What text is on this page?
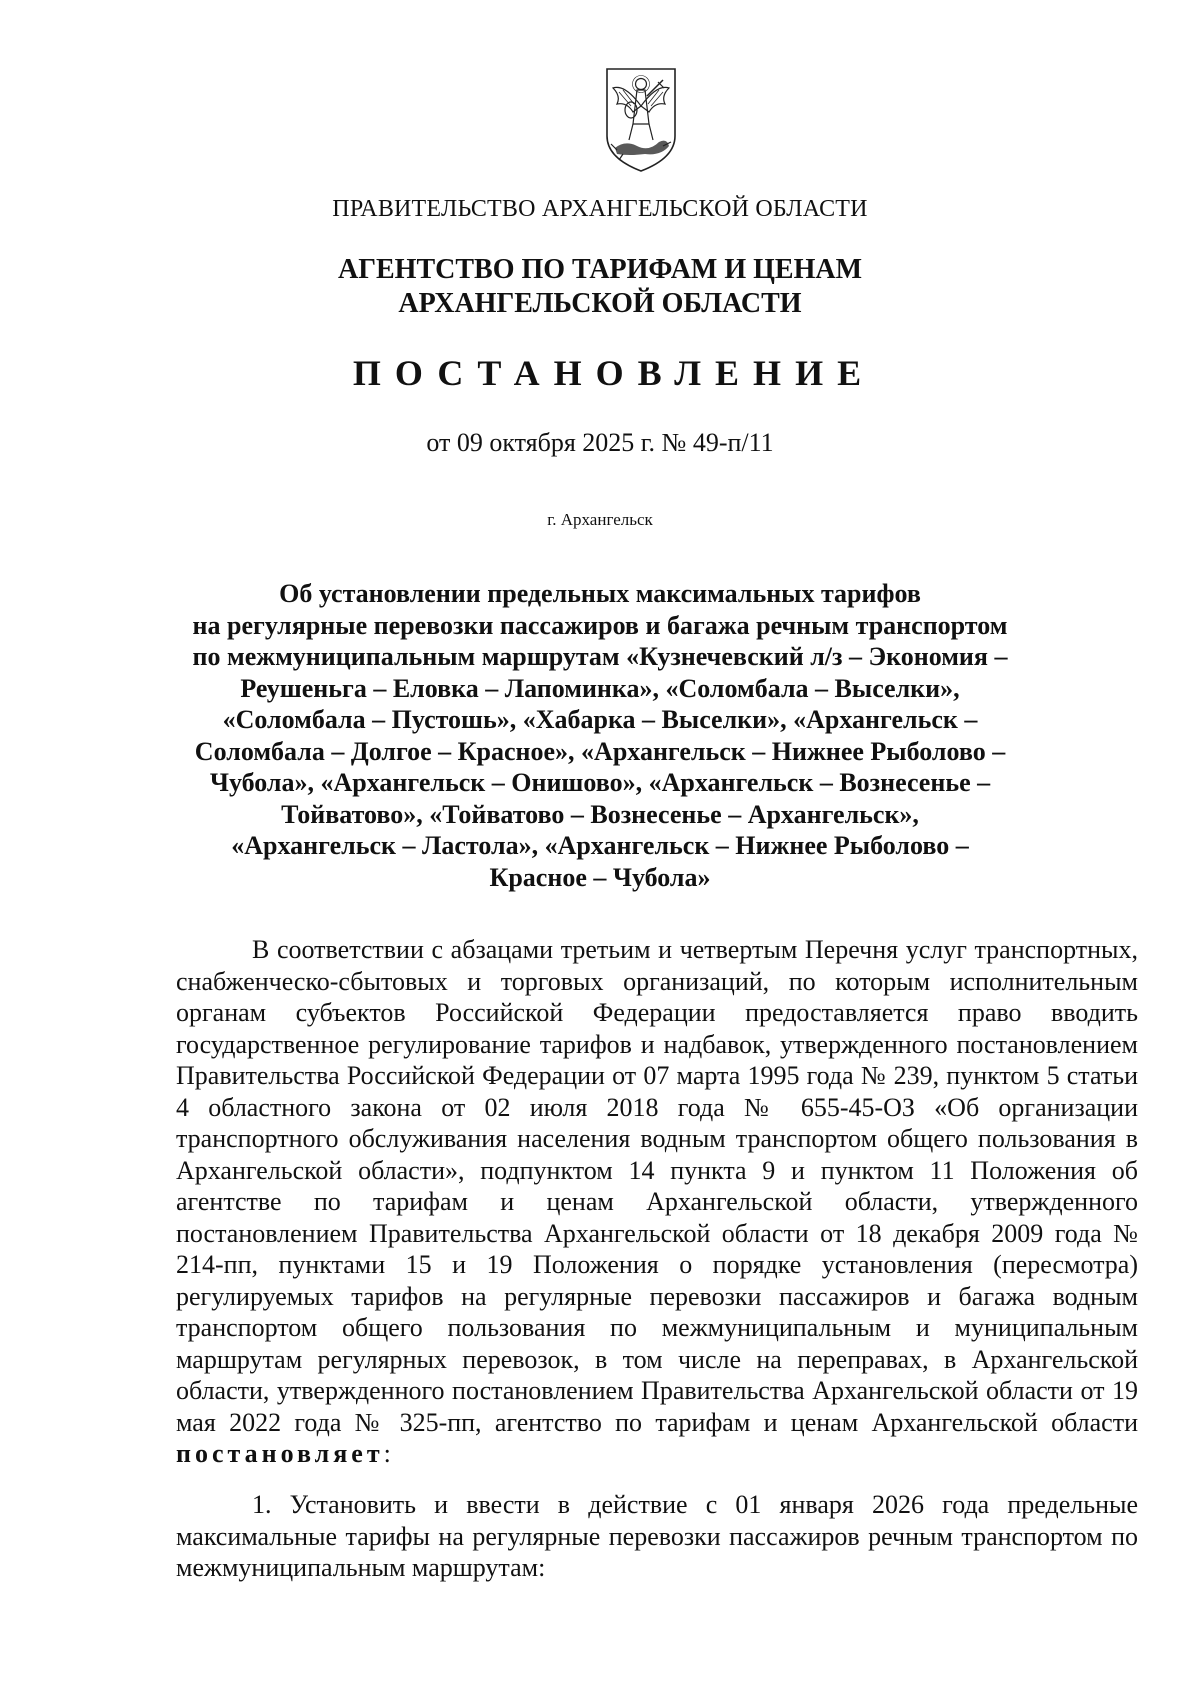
ПРАВИТЕЛЬСТВО АРХАНГЕЛЬСКОЙ ОБЛАСТИ
АГЕНТСТВО ПО ТАРИФАМ И ЦЕНАМ
АРХАНГЕЛЬСКОЙ ОБЛАСТИ
ПОСТАНОВЛЕНИЕ
от 09 октября 2025 г. № 49-п/11
г. Архангельск
Об установлении предельных максимальных тарифов
на регулярные перевозки пассажиров и багажа речным транспортом
по межмуниципальным маршрутам «Кузнечевский л/з – Экономия –
Реушеньга – Еловка – Лапоминка», «Соломбала – Выселки»,
«Соломбала – Пустошь», «Хабарка – Выселки», «Архангельск –
Соломбала – Долгое – Красное», «Архангельск – Нижнее Рыболово –
Чубола», «Архангельск – Онишово», «Архангельск – Вознесенье –
Тойватово», «Тойватово – Вознесенье – Архангельск»,
«Архангельск – Ластола», «Архангельск – Нижнее Рыболово –
Красное – Чубола»
В соответствии с абзацами третьим и четвертым Перечня услуг транспортных, снабженческо-сбытовых и торговых организаций, по которым исполнительным органам субъектов Российской Федерации предоставляется право вводить государственное регулирование тарифов и надбавок, утвержденного постановлением Правительства Российской Федерации от 07 марта 1995 года № 239, пунктом 5 статьи 4 областного закона от 02 июля 2018 года № 655-45-ОЗ «Об организации транспортного обслуживания населения водным транспортом общего пользования в Архангельской области», подпунктом 14 пункта 9 и пунктом 11 Положения об агентстве по тарифам и ценам Архангельской области, утвержденного постановлением Правительства Архангельской области от 18 декабря 2009 года № 214-пп, пунктами 15 и 19 Положения о порядке установления (пересмотра) регулируемых тарифов на регулярные перевозки пассажиров и багажа водным транспортом общего пользования по межмуниципальным и муниципальным маршрутам регулярных перевозок, в том числе на переправах, в Архангельской области, утвержденного постановлением Правительства Архангельской области от 19 мая 2022 года № 325-пп, агентство по тарифам и ценам Архангельской области постановляет:
1. Установить и ввести в действие с 01 января 2026 года предельные максимальные тарифы на регулярные перевозки пассажиров речным транспортом по межмуниципальным маршрутам:
